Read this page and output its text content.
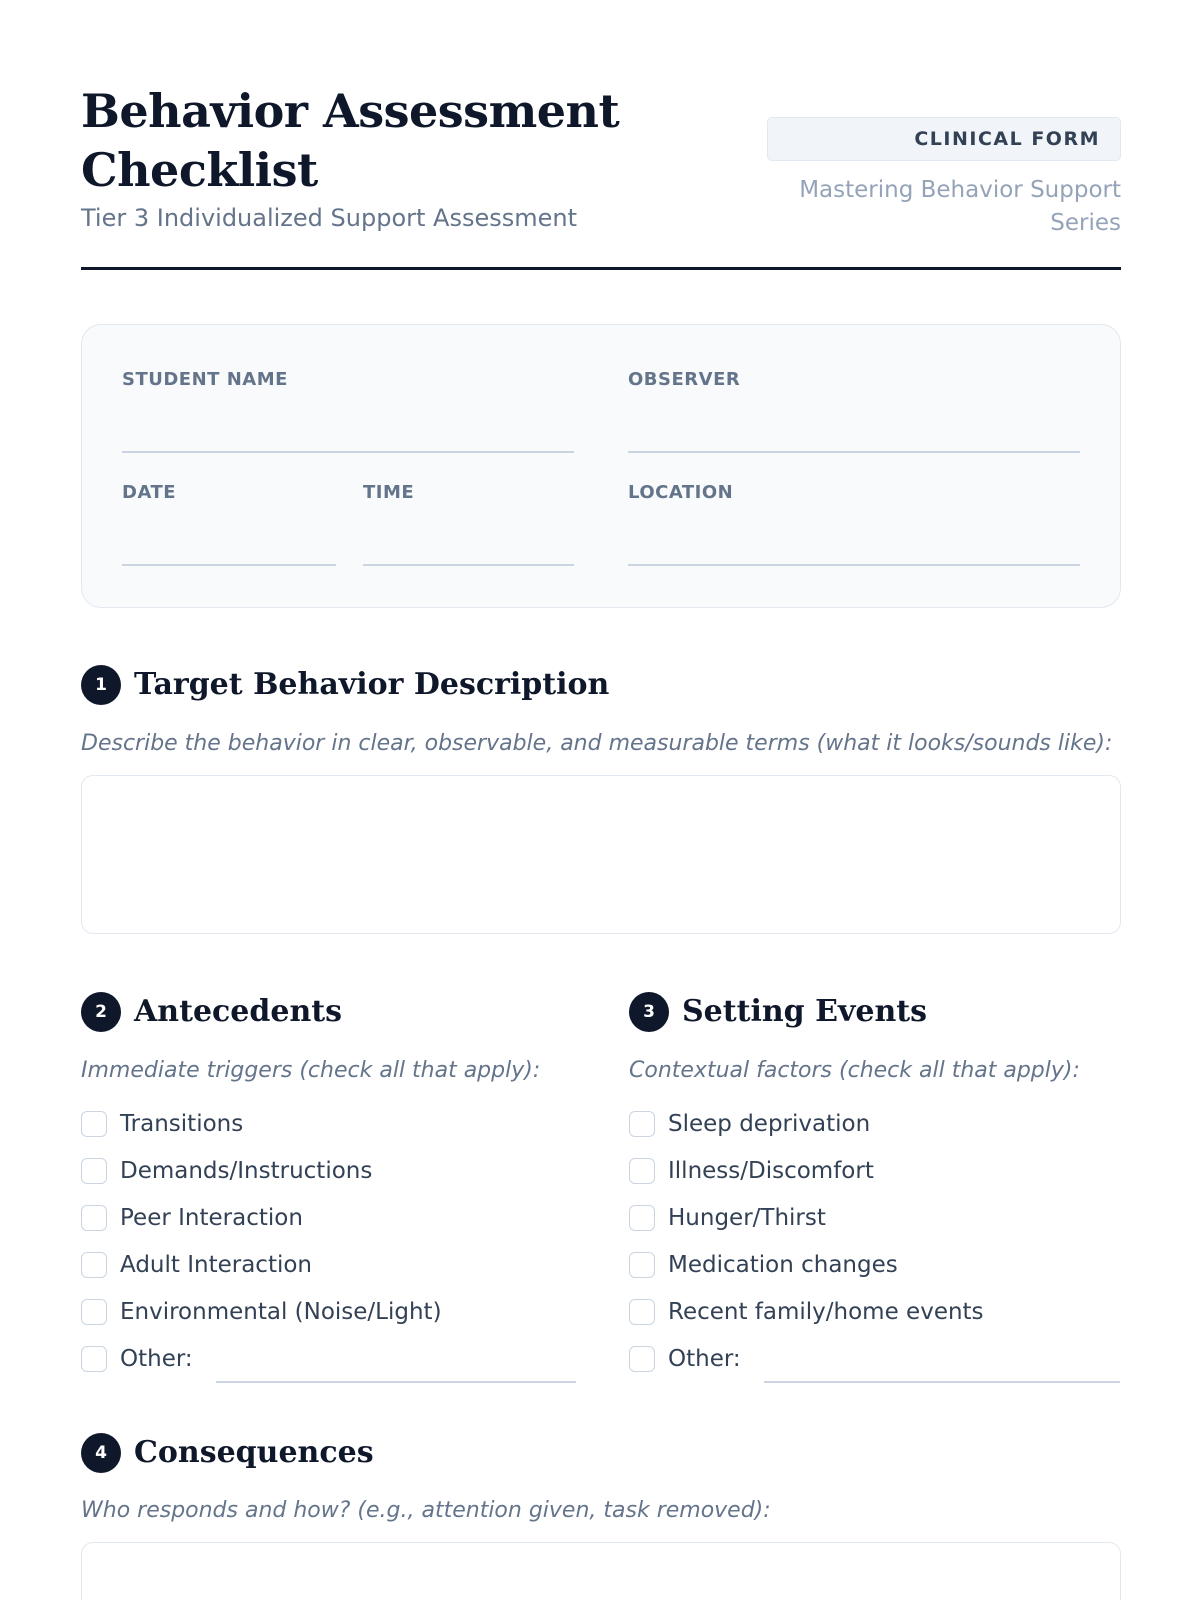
Behavior Assessment Checklist
Tier 3 Individualized Support Assessment
CLINICAL FORM
Mastering Behavior Support Series
STUDENT NAME	OBSERVER
DATE	TIME	LOCATION
1 Target Behavior Description
Describe the behavior in clear, observable, and measurable terms (what it looks/sounds like):
2 Antecedents
Immediate triggers (check all that apply):
Transitions
Demands/Instructions
Peer Interaction
Adult Interaction
Environmental (Noise/Light)
Other:
3 Setting Events
Contextual factors (check all that apply):
Sleep deprivation
Illness/Discomfort
Hunger/Thirst
Medication changes
Recent family/home events
Other:
4 Consequences
Who responds and how? (e.g., attention given, task removed):
